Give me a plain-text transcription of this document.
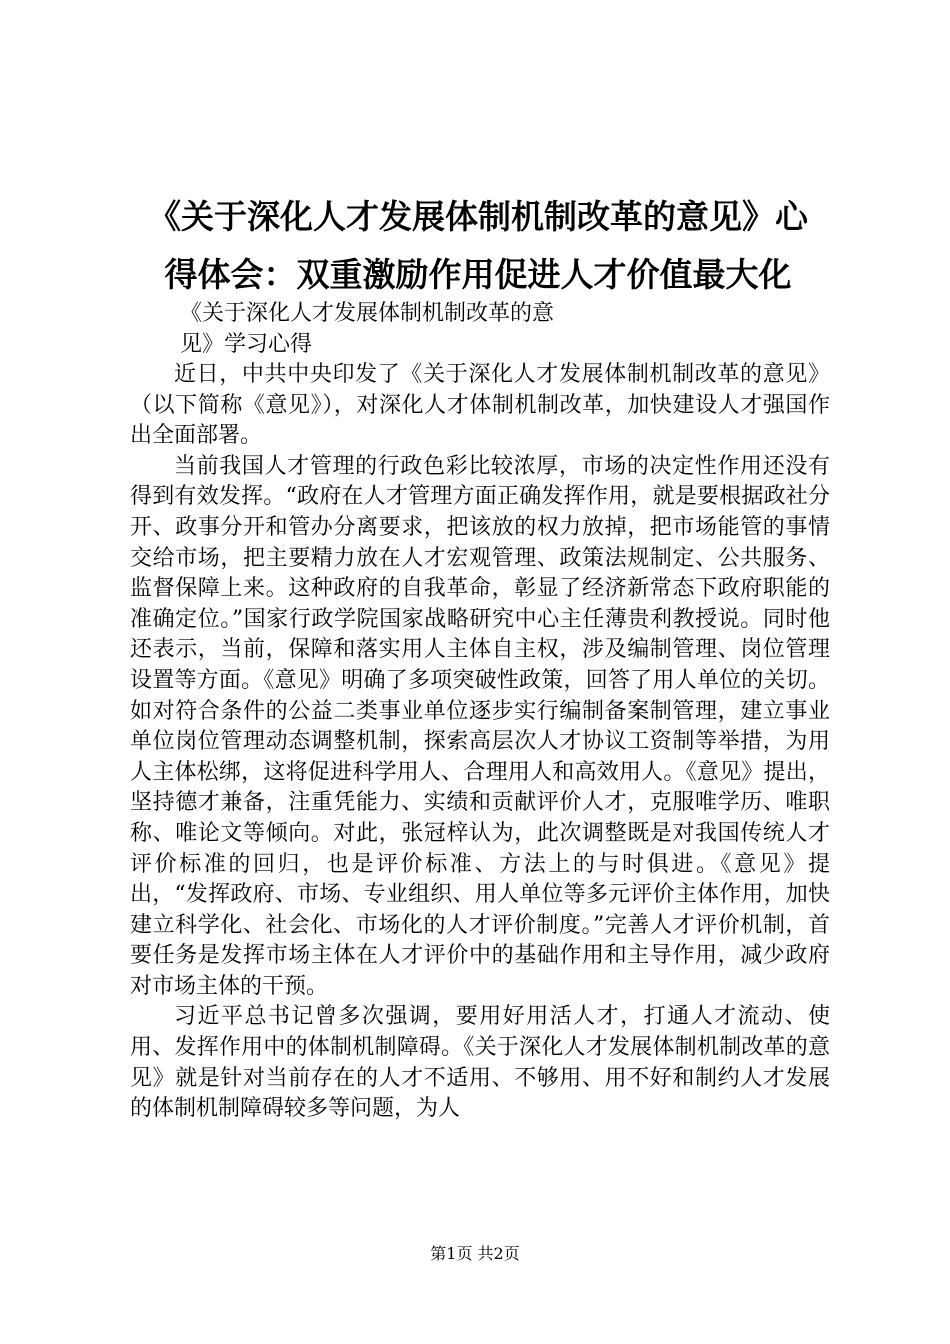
《关于深化人才发展体制机制改革的意见》心
得体会：双重激励作用促进人才价值最大化
《关于深化人才发展体制机制改革的意
见》学习心得

近日，中共中央印发了《关于深化人才发展体制机制改革的意见》（以下简称《意见》），对深化人才体制机制改革，加快建设人才强国作出全面部署。

当前我国人才管理的行政色彩比较浓厚，市场的决定性作用还没有得到有效发挥。“政府在人才管理方面正确发挥作用，就是要根据政社分开、政事分开和管办分离要求，把该放的权力放掉，把市场能管的事情交给市场，把主要精力放在人才宏观管理、政策法规制定、公共服务、监督保障上来。这种政府的自我革命，彰显了经济新常态下政府职能的准确定位。”国家行政学院国家战略研究中心主任薄贵利教授说。同时他还表示，当前，保障和落实用人主体自主权，涉及编制管理、岗位管理设置等方面。《意见》明确了多项突破性政策，回答了用人单位的关切。如对符合条件的公益二类事业单位逐步实行编制备案制管理，建立事业单位岗位管理动态调整机制，探索高层次人才协议工资制等举措，为用人主体松绑，这将促进科学用人、合理用人和高效用人。《意见》提出，坚持德才兼备，注重凭能力、实绩和贡献评价人才，克服唯学历、唯职称、唯论文等倾向。对此，张冠梓认为，此次调整既是对我国传统人才评价标准的回归，也是评价标准、方法上的与时俱进。《意见》提出，“发挥政府、市场、专业组织、用人单位等多元评价主体作用，加快建立科学化、社会化、市场化的人才评价制度。”完善人才评价机制，首要任务是发挥市场主体在人才评价中的基础作用和主导作用，减少政府对市场主体的干预。

习近平总书记曾多次强调，要用好用活人才，打通人才流动、使用、发挥作用中的体制机制障碍。《关于深化人才发展体制机制改革的意见》就是针对当前存在的人才不适用、不够用、用不好和制约人才发展的体制机制障碍较多等问题，为人

第1页 共2页
